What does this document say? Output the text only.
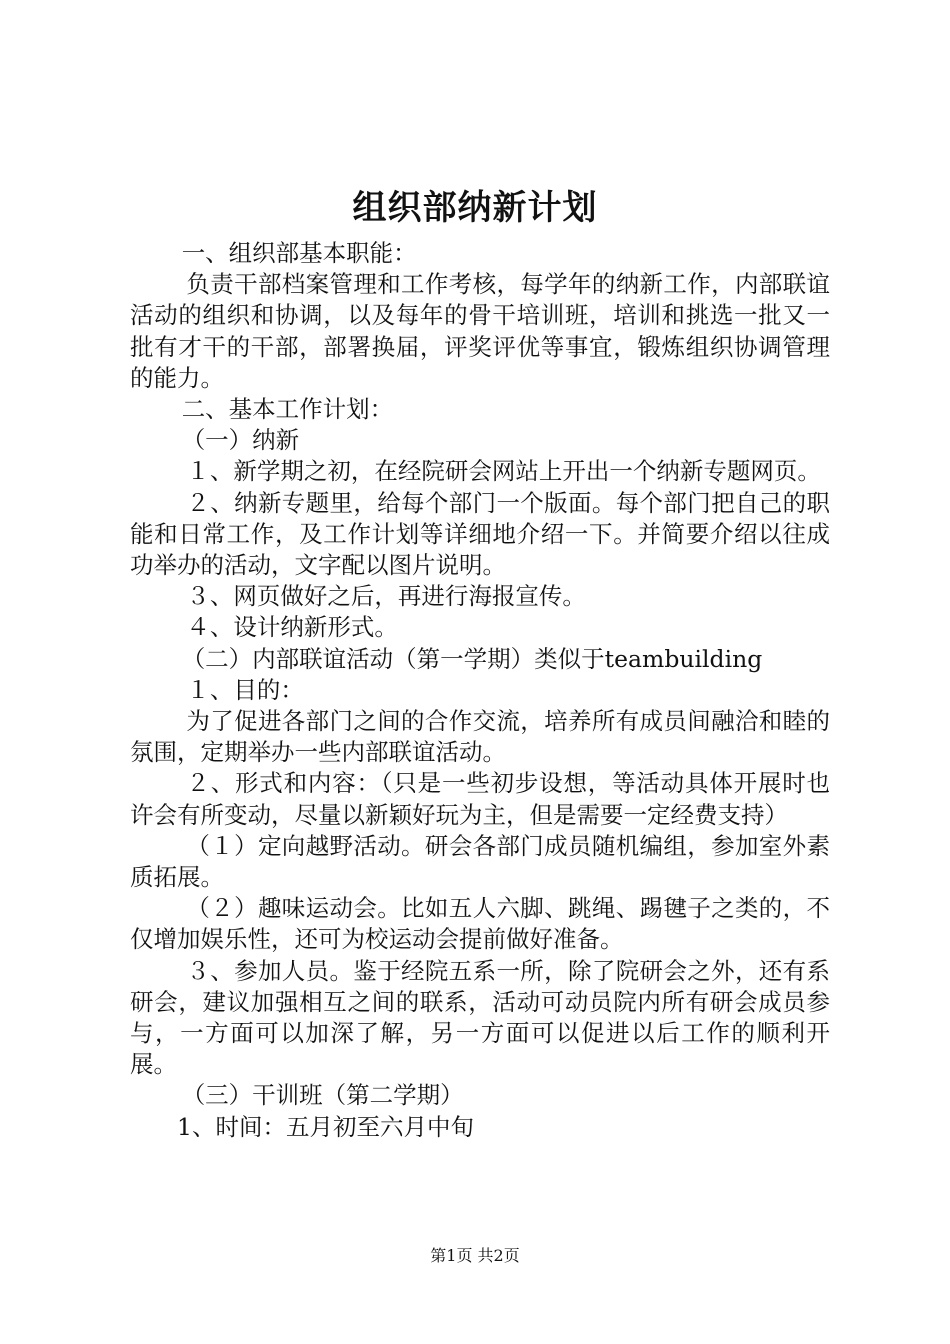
组织部纳新计划

一、组织部基本职能：

负责干部档案管理和工作考核，每学年的纳新工作，内部联谊活动的组织和协调，以及每年的骨干培训班，培训和挑选一批又一批有才干的干部，部署换届，评奖评优等事宜，锻炼组织协调管理的能力。

二、基本工作计划：

（一）纳新

１、新学期之初，在经院研会网站上开出一个纳新专题网页。

２、纳新专题里，给每个部门一个版面。每个部门把自己的职能和日常工作，及工作计划等详细地介绍一下。并简要介绍以往成功举办的活动，文字配以图片说明。

３、网页做好之后，再进行海报宣传。

４、设计纳新形式。

（二）内部联谊活动（第一学期）类似于teambuilding

１、目的：

为了促进各部门之间的合作交流，培养所有成员间融洽和睦的氛围，定期举办一些内部联谊活动。

２、形式和内容：（只是一些初步设想，等活动具体开展时也许会有所变动，尽量以新颖好玩为主，但是需要一定经费支持）

（１）定向越野活动。研会各部门成员随机编组，参加室外素质拓展。

（２）趣味运动会。比如五人六脚、跳绳、踢毽子之类的，不仅增加娱乐性，还可为校运动会提前做好准备。

３、参加人员。鉴于经院五系一所，除了院研会之外，还有系研会，建议加强相互之间的联系，活动可动员院内所有研会成员参与，一方面可以加深了解，另一方面可以促进以后工作的顺利开展。

（三）干训班（第二学期）

1、时间：五月初至六月中旬

第1页 共2页
